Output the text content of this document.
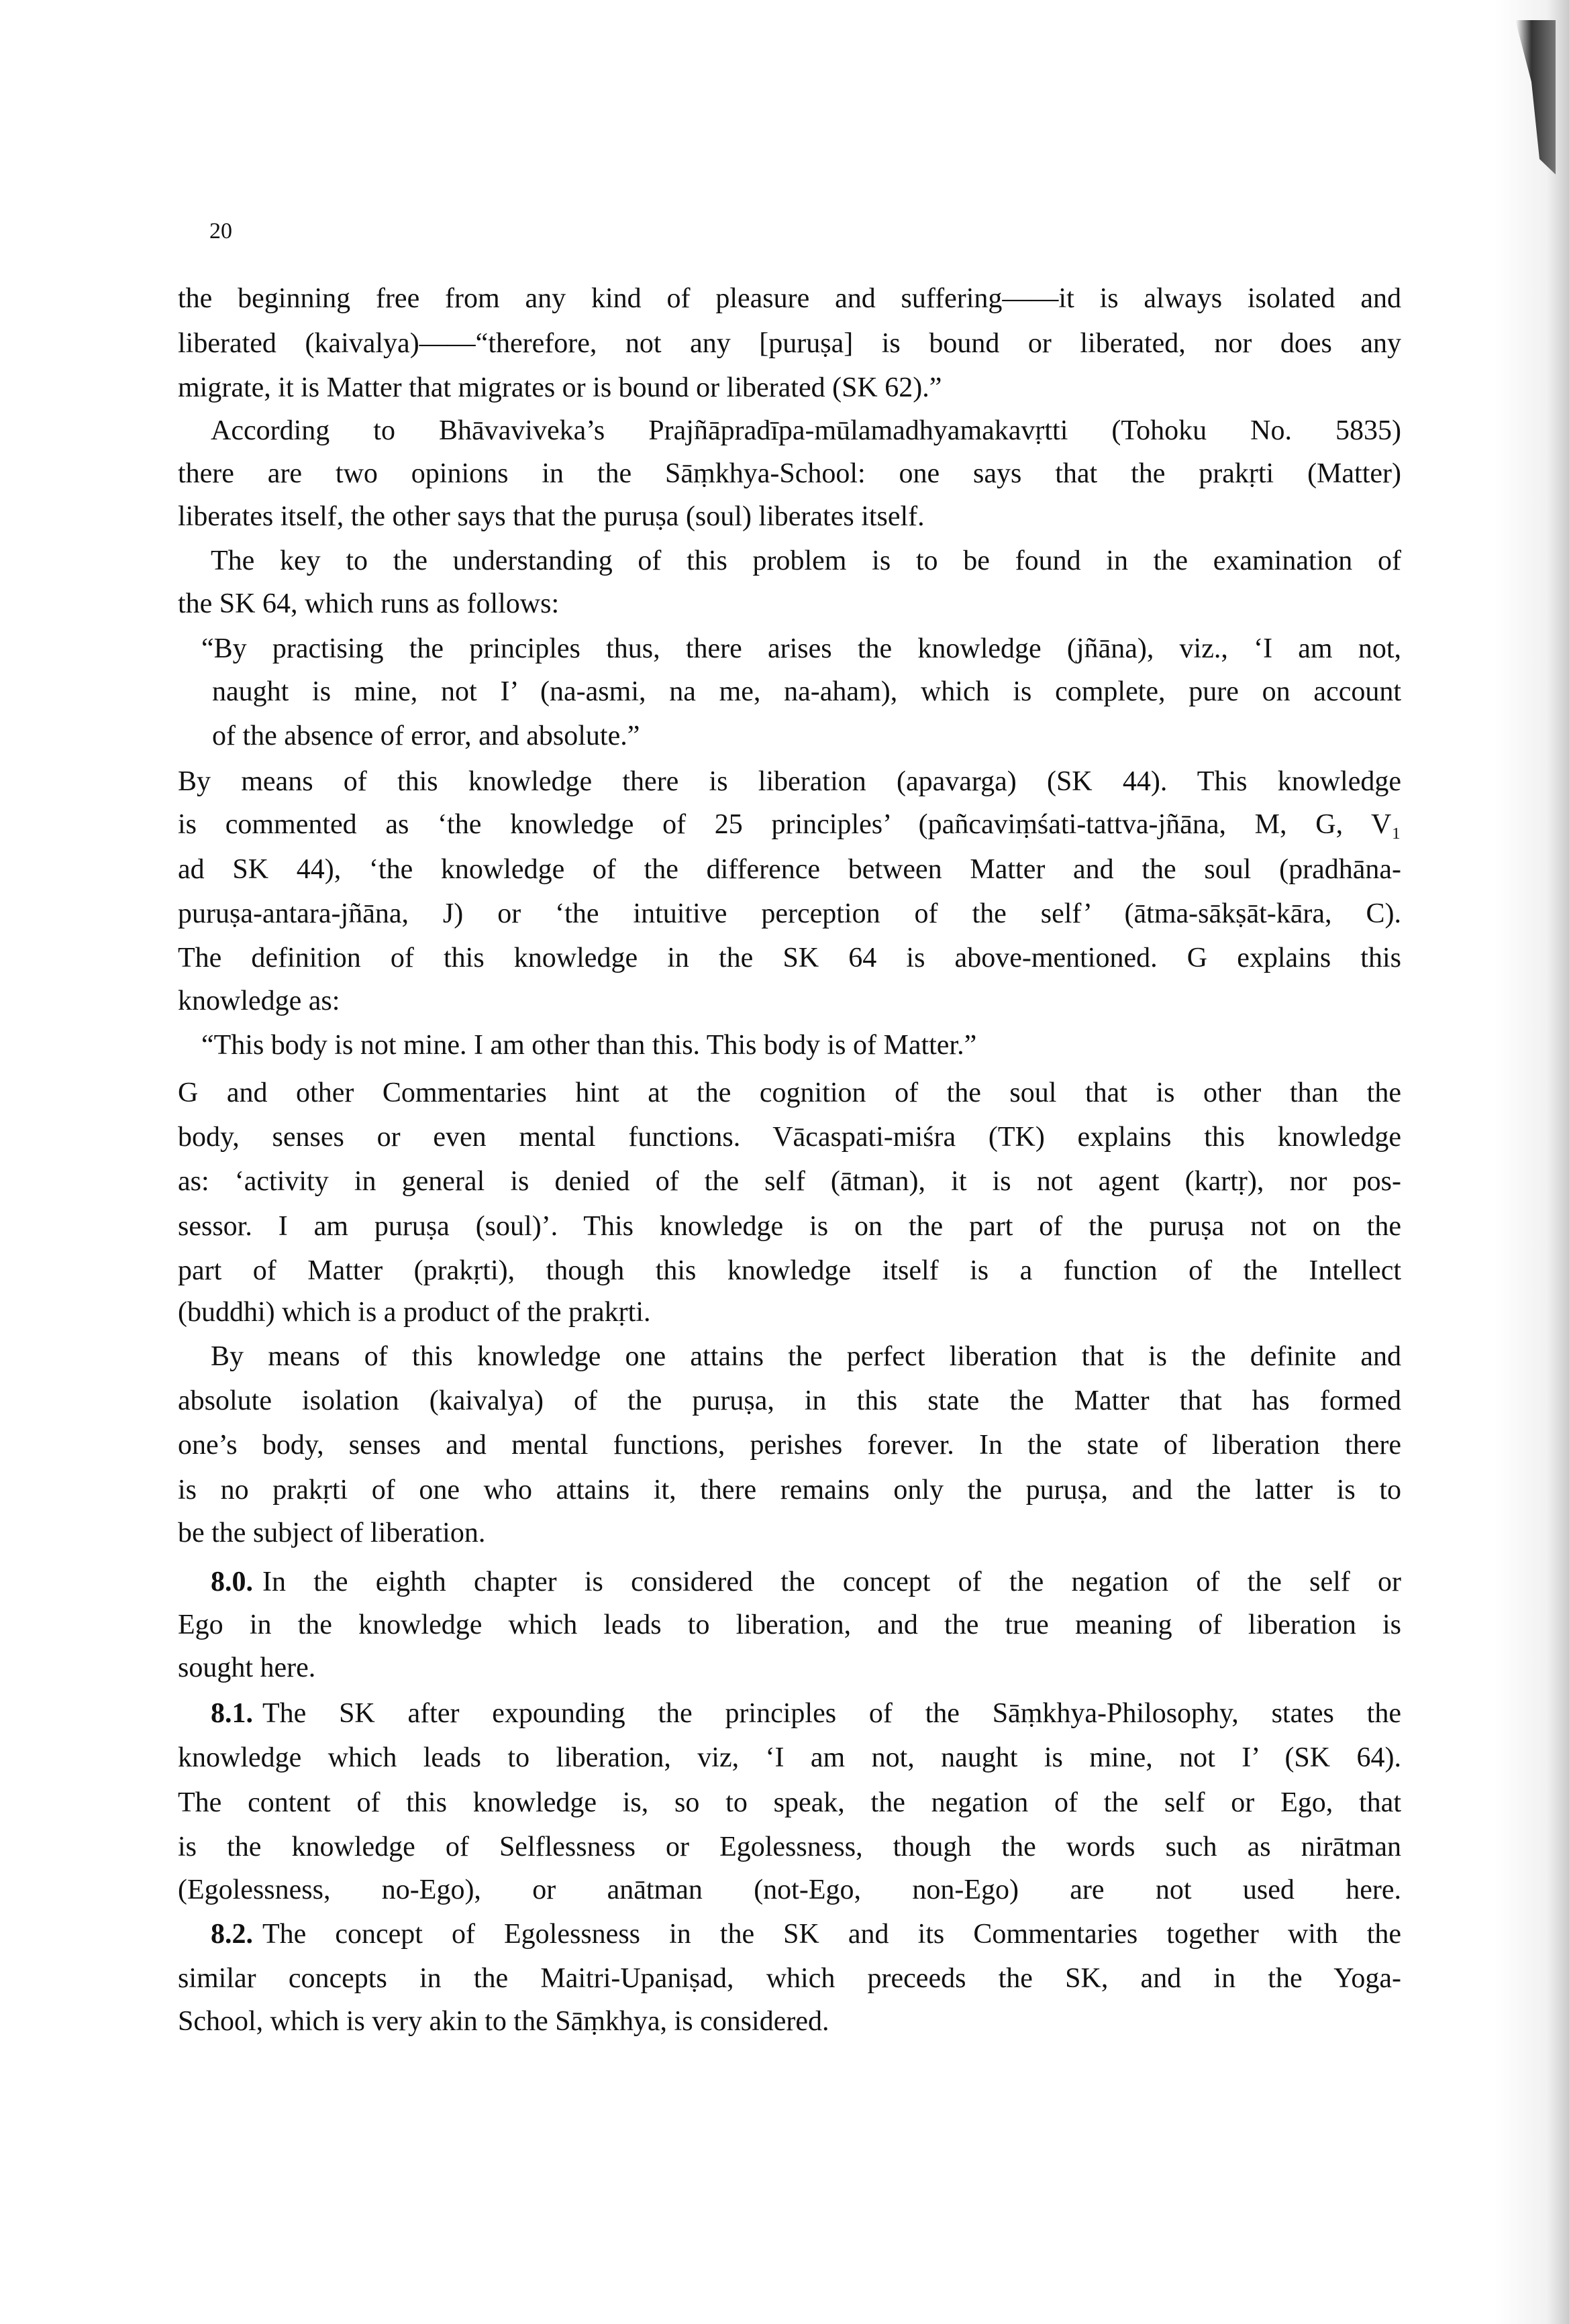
20
the beginning free from any kind of pleasure and suffering——it is always isolated and
liberated (kaivalya)——“therefore, not any [puruṣa] is bound or liberated, nor does any
migrate, it is Matter that migrates or is bound or liberated (SK 62).”
According to Bhāvaviveka’s Prajñāpradīpa-mūlamadhyamakavṛtti (Tohoku No. 5835)
there are two opinions in the Sāṃkhya-School: one says that the prakṛti (Matter)
liberates itself, the other says that the puruṣa (soul) liberates itself.
The key to the understanding of this problem is to be found in the examination of
the SK 64, which runs as follows:
“By practising the principles thus, there arises the knowledge (jñāna), viz., ‘I am not,
naught is mine, not I’ (na-asmi, na me, na-aham), which is complete, pure on account
of the absence of error, and absolute.”
By means of this knowledge there is liberation (apavarga) (SK 44). This knowledge
is commented as ‘the knowledge of 25 principles’ (pañcaviṃśati-tattva-jñāna, M, G, V₁
ad SK 44), ‘the knowledge of the difference between Matter and the soul (pradhāna-
puruṣa-antara-jñāna, J) or ‘the intuitive perception of the self’ (ātma-sākṣāt-kāra, C).
The definition of this knowledge in the SK 64 is above-mentioned. G explains this
knowledge as:
“This body is not mine. I am other than this. This body is of Matter.”
G and other Commentaries hint at the cognition of the soul that is other than the
body, senses or even mental functions. Vācaspati-miśra (TK) explains this knowledge
as: ‘activity in general is denied of the self (ātman), it is not agent (kartṛ), nor pos-
sessor. I am puruṣa (soul)’. This knowledge is on the part of the puruṣa not on the
part of Matter (prakṛti), though this knowledge itself is a function of the Intellect
(buddhi) which is a product of the prakṛti.
By means of this knowledge one attains the perfect liberation that is the definite and
absolute isolation (kaivalya) of the puruṣa, in this state the Matter that has formed
one’s body, senses and mental functions, perishes forever. In the state of liberation there
is no prakṛti of one who attains it, there remains only the puruṣa, and the latter is to
be the subject of liberation.
8.0. In the eighth chapter is considered the concept of the negation of the self or
Ego in the knowledge which leads to liberation, and the true meaning of liberation is
sought here.
8.1. The SK after expounding the principles of the Sāṃkhya-Philosophy, states the
knowledge which leads to liberation, viz, ‘I am not, naught is mine, not I’ (SK 64).
The content of this knowledge is, so to speak, the negation of the self or Ego, that
is the knowledge of Selflessness or Egolessness, though the words such as nirātman
(Egolessness, no-Ego), or anātman (not-Ego, non-Ego) are not used here.
8.2. The concept of Egolessness in the SK and its Commentaries together with the
similar concepts in the Maitri-Upaniṣad, which preceeds the SK, and in the Yoga-
School, which is very akin to the Sāṃkhya, is considered.
